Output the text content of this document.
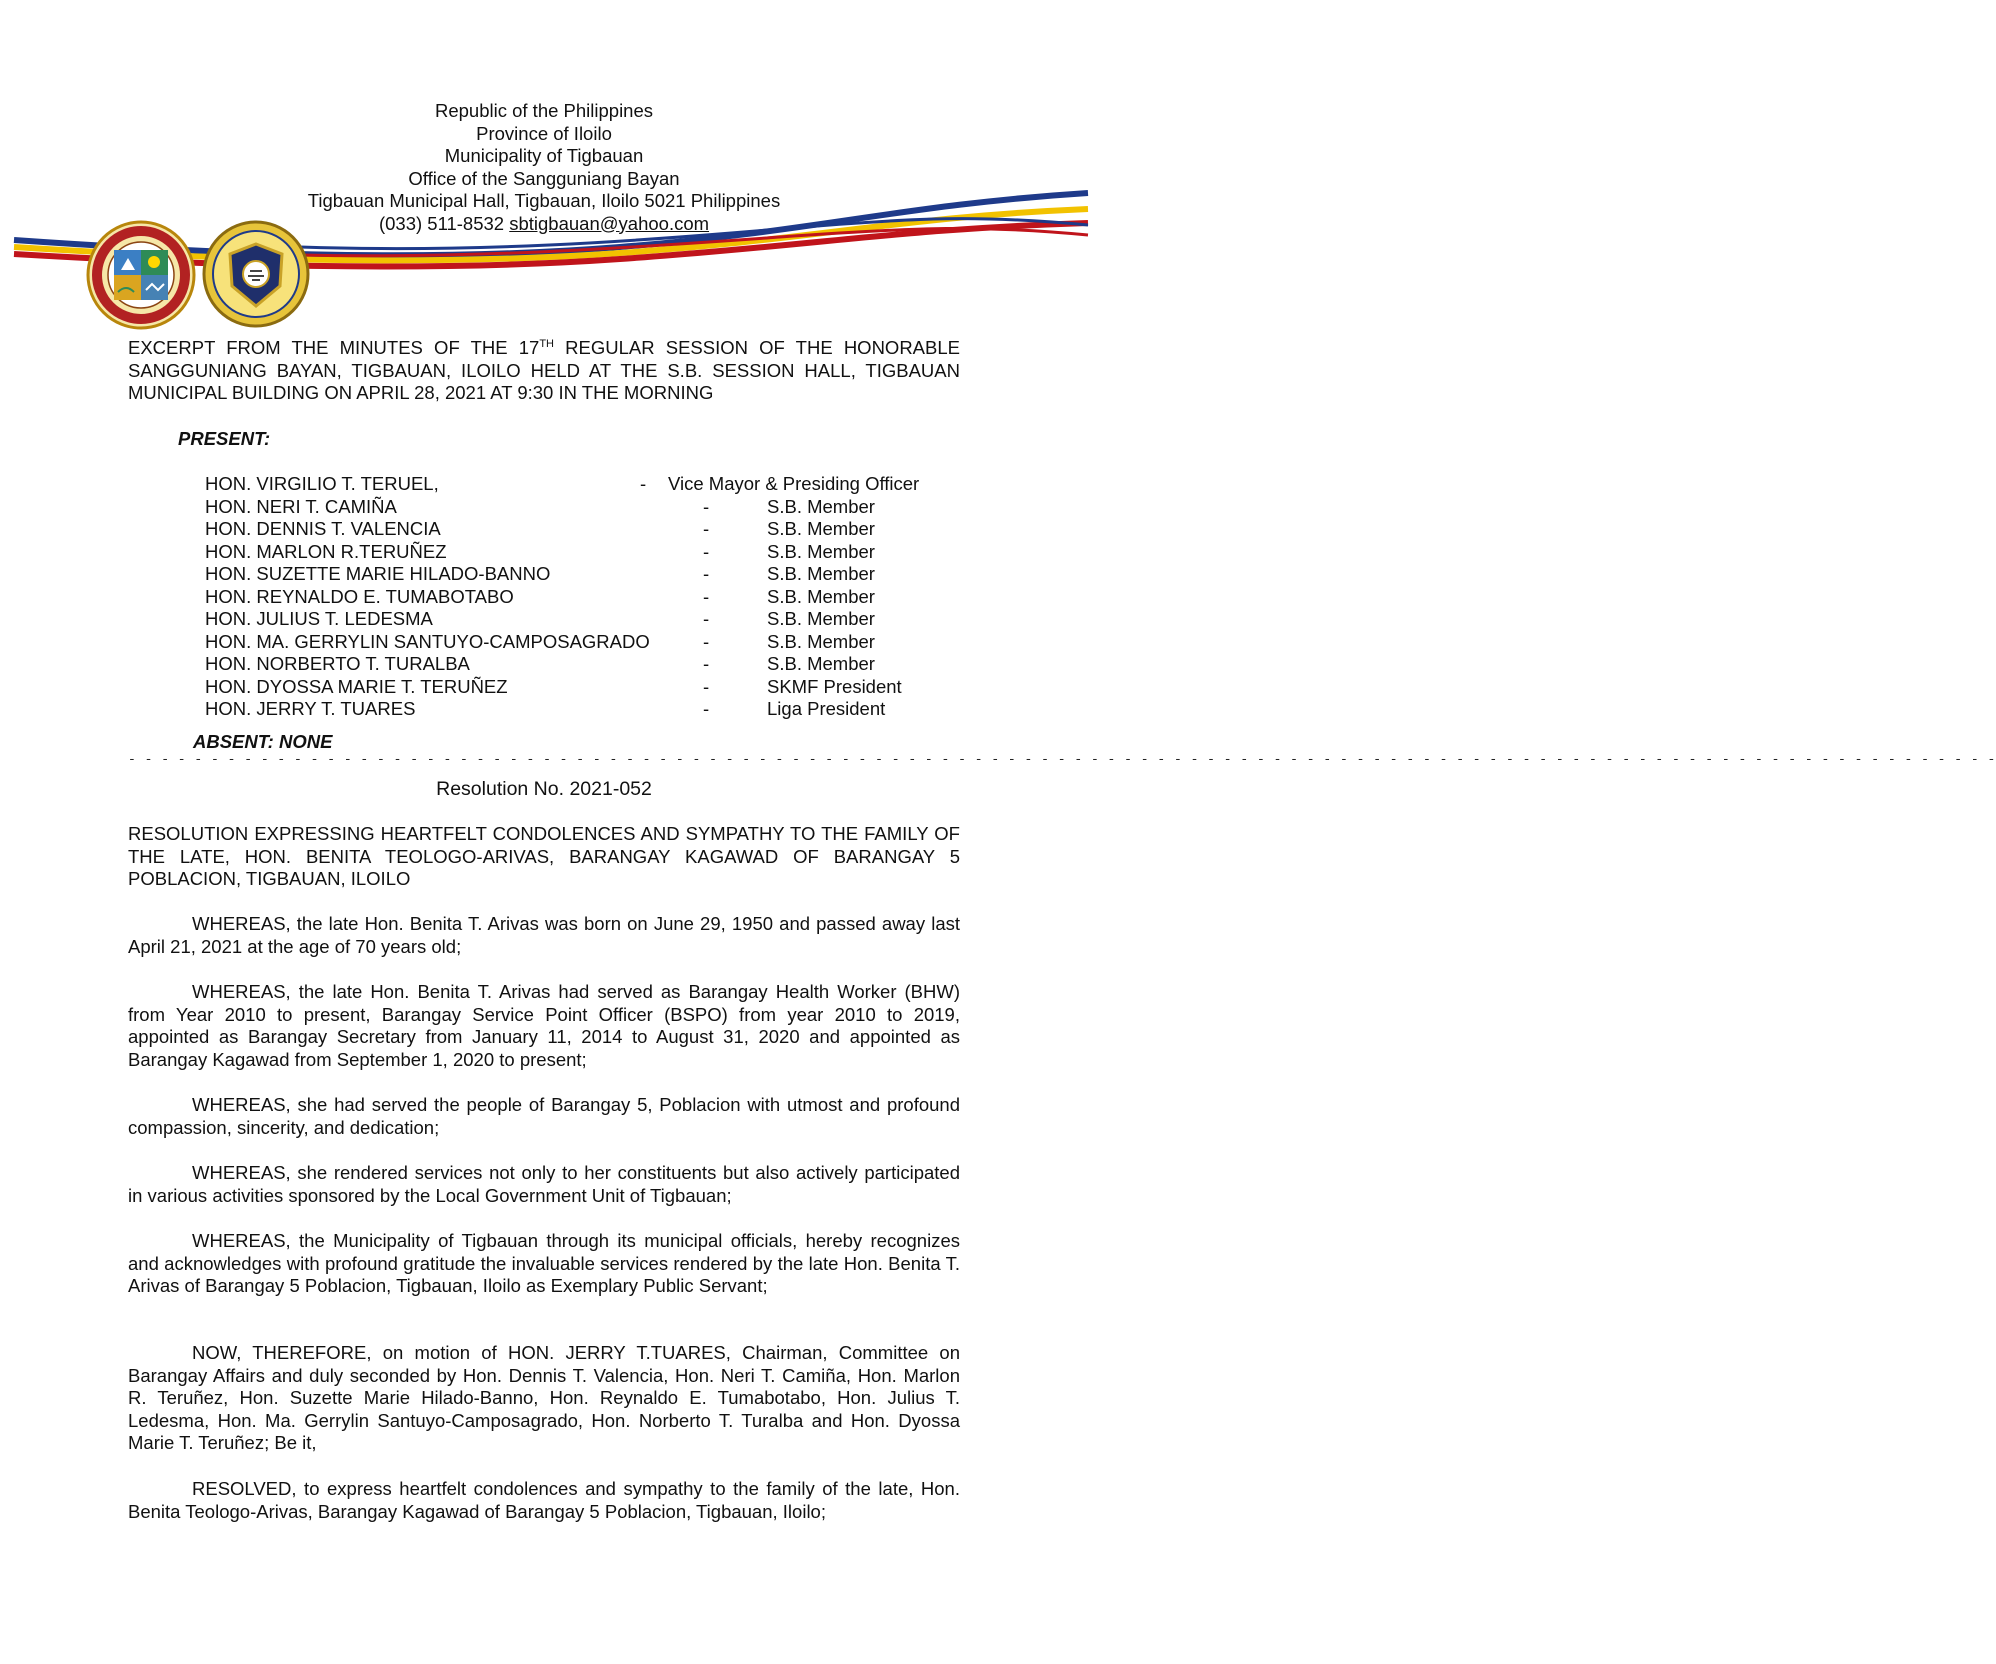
Republic of the Philippines
Province of Iloilo
Municipality of Tigbauan
Office of the Sangguniang Bayan
Tigbauan Municipal Hall, Tigbauan, Iloilo 5021 Philippines
(033) 511-8532 sbtigbauan@yahoo.com
EXCERPT FROM THE MINUTES OF THE 17TH REGULAR SESSION OF THE HONORABLE SANGGUNIANG BAYAN, TIGBAUAN, ILOILO HELD AT THE S.B. SESSION HALL, TIGBAUAN MUNICIPAL BUILDING ON APRIL 28, 2021 AT 9:30 IN THE MORNING
PRESENT:
HON. VIRGILIO T. TERUEL,	- Vice Mayor & Presiding Officer
HON. NERI T. CAMIÑA	-	S.B. Member
HON. DENNIS T. VALENCIA	-	S.B. Member
HON. MARLON R.TERUÑEZ	-	S.B. Member
HON. SUZETTE MARIE HILADO-BANNO	-	S.B. Member
HON. REYNALDO E. TUMABOTABO	-	S.B. Member
HON. JULIUS T. LEDESMA	-	S.B. Member
HON. MA. GERRYLIN SANTUYO-CAMPOSAGRADO	-	S.B. Member
HON. NORBERTO T. TURALBA	-	S.B. Member
HON. DYOSSA MARIE T. TERUÑEZ	-	SKMF President
HON. JERRY T. TUARES	-	Liga President
ABSENT: NONE
- - - - - - - - - - - - - - - - - - - - - - - - - - - - - - - - - - - - - - - - - - - - - - - - - - - - - - - - - - - - - - - - - - - - - - - - - - - - - - - - - - - - - - - - - - - - - - - - - - - - - - - - - - - - - - - - -
Resolution No. 2021-052
RESOLUTION EXPRESSING HEARTFELT CONDOLENCES AND SYMPATHY TO THE FAMILY OF THE LATE, HON. BENITA TEOLOGO-ARIVAS, BARANGAY KAGAWAD OF BARANGAY 5 POBLACION, TIGBAUAN, ILOILO
WHEREAS, the late Hon. Benita T. Arivas was born on June 29, 1950 and passed away last April 21, 2021 at the age of 70 years old;
WHEREAS, the late Hon. Benita T. Arivas had served as Barangay Health Worker (BHW) from Year 2010 to present, Barangay Service Point Officer (BSPO) from year 2010 to 2019, appointed as Barangay Secretary from January 11, 2014 to August 31, 2020 and appointed as Barangay Kagawad from September 1, 2020 to present;
WHEREAS, she had served the people of Barangay 5, Poblacion with utmost and profound compassion, sincerity, and dedication;
WHEREAS, she rendered services not only to her constituents but also actively participated in various activities sponsored by the Local Government Unit of Tigbauan;
WHEREAS, the Municipality of Tigbauan through its municipal officials, hereby recognizes and acknowledges with profound gratitude the invaluable services rendered by the late Hon. Benita T. Arivas of Barangay 5 Poblacion, Tigbauan, Iloilo as Exemplary Public Servant;
NOW, THEREFORE, on motion of HON. JERRY T.TUARES, Chairman, Committee on Barangay Affairs and duly seconded by Hon. Dennis T. Valencia, Hon. Neri T. Camiña, Hon. Marlon R. Teruñez, Hon. Suzette Marie Hilado-Banno, Hon. Reynaldo E. Tumabotabo, Hon. Julius T. Ledesma, Hon. Ma. Gerrylin Santuyo-Camposagrado, Hon. Norberto T. Turalba and Hon. Dyossa Marie T. Teruñez; Be it,
RESOLVED, to express heartfelt condolences and sympathy to the family of the late, Hon. Benita Teologo-Arivas, Barangay Kagawad of Barangay 5 Poblacion, Tigbauan, Iloilo;
